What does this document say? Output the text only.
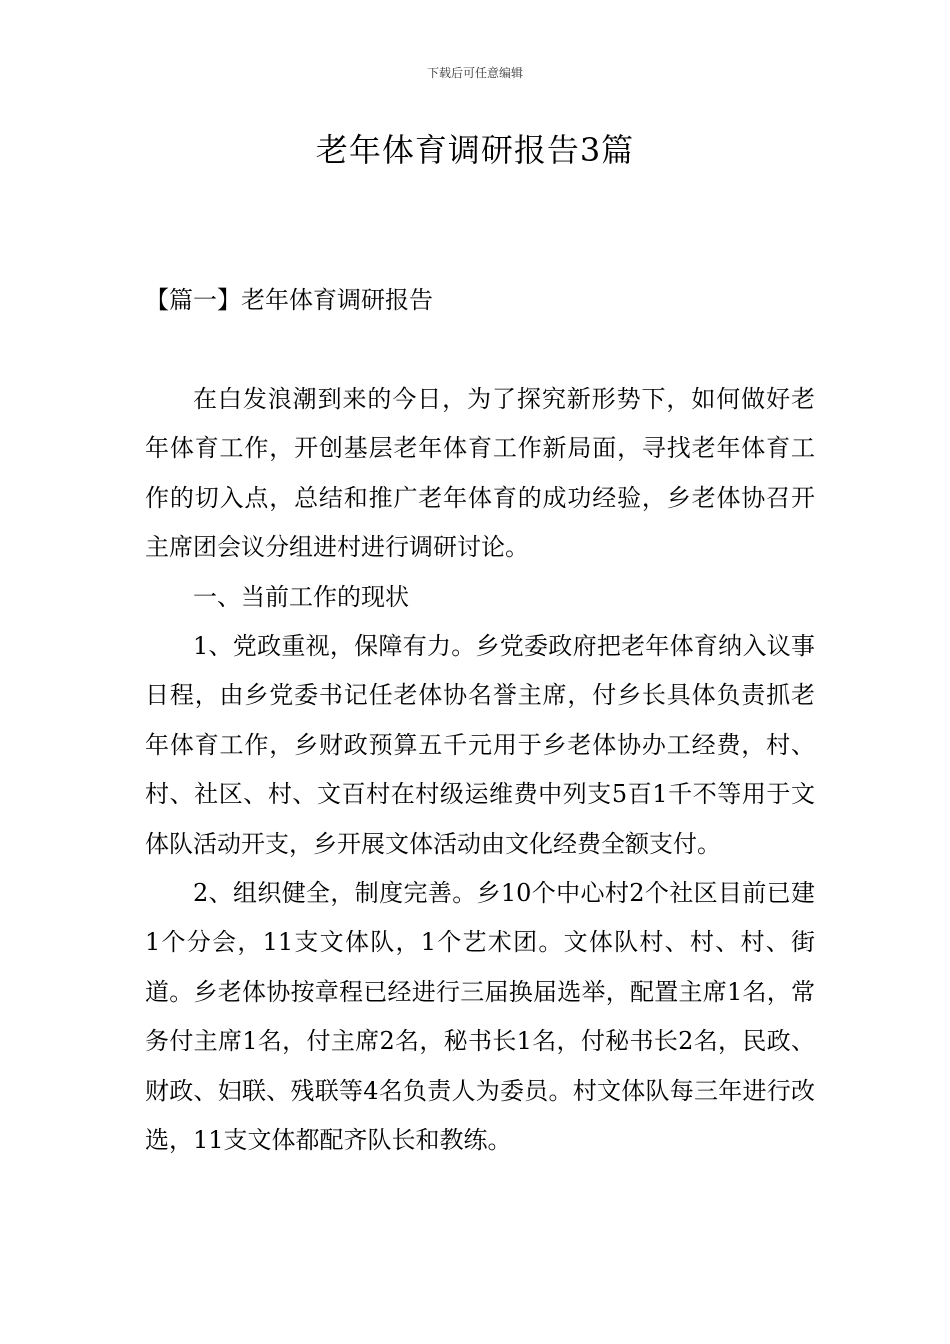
下载后可任意编辑
老年体育调研报告3篇
【篇一】老年体育调研报告

在白发浪潮到来的今日，为了探究新形势下，如何做好老年体育工作，开创基层老年体育工作新局面，寻找老年体育工作的切入点，总结和推广老年体育的成功经验，乡老体协召开主席团会议分组进村进行调研讨论。

一、当前工作的现状

1、党政重视，保障有力。乡党委政府把老年体育纳入议事日程，由乡党委书记任老体协名誉主席，付乡长具体负责抓老年体育工作，乡财政预算五千元用于乡老体协办工经费，村、村、社区、村、文百村在村级运维费中列支5百1千不等用于文体队活动开支，乡开展文体活动由文化经费全额支付。

2、组织健全，制度完善。乡10个中心村2个社区目前已建1个分会，11支文体队，1个艺术团。文体队村、村、村、街道。乡老体协按章程已经进行三届换届选举，配置主席1名，常务付主席1名，付主席2名，秘书长1名，付秘书长2名，民政、财政、妇联、残联等4名负责人为委员。村文体队每三年进行改选，11支文体都配齐队长和教练。
